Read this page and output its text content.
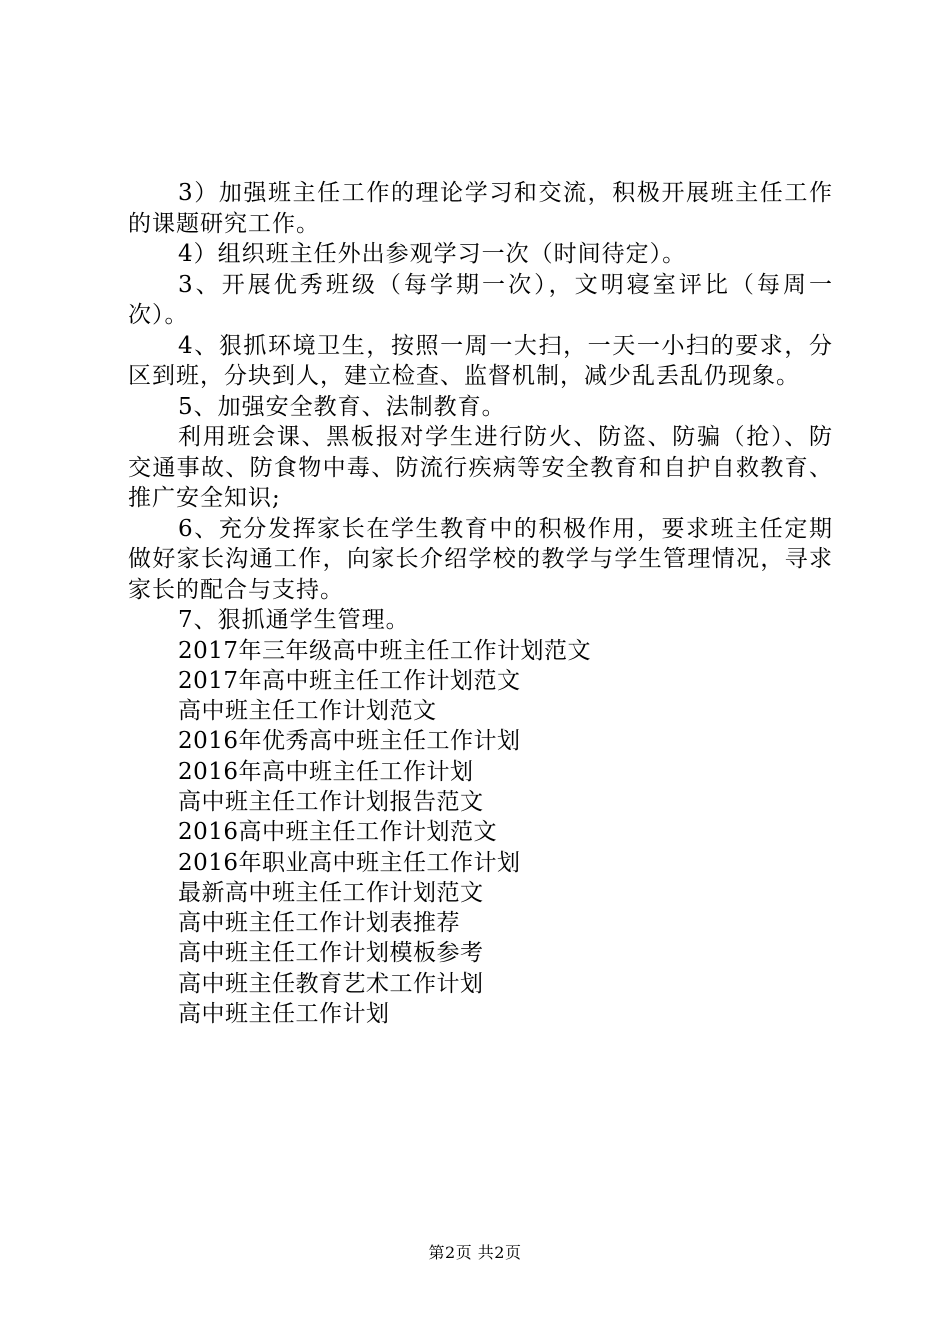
3）加强班主任工作的理论学习和交流，积极开展班主任工作的课题研究工作。

4）组织班主任外出参观学习一次（时间待定）。

3、开展优秀班级（每学期一次），文明寝室评比（每周一次）。

4、狠抓环境卫生，按照一周一大扫，一天一小扫的要求，分区到班，分块到人，建立检查、监督机制，减少乱丢乱仍现象。

5、加强安全教育、法制教育。

利用班会课、黑板报对学生进行防火、防盗、防骗（抢）、防交通事故、防食物中毒、防流行疾病等安全教育和自护自救教育、推广安全知识;

6、充分发挥家长在学生教育中的积极作用，要求班主任定期做好家长沟通工作，向家长介绍学校的教学与学生管理情况，寻求家长的配合与支持。

7、狠抓通学生管理。

2017年三年级高中班主任工作计划范文
2017年高中班主任工作计划范文
高中班主任工作计划范文
2016年优秀高中班主任工作计划
2016年高中班主任工作计划
高中班主任工作计划报告范文
2016高中班主任工作计划范文
2016年职业高中班主任工作计划
最新高中班主任工作计划范文
高中班主任工作计划表推荐
高中班主任工作计划模板参考
高中班主任教育艺术工作计划
高中班主任工作计划
第2页 共2页
